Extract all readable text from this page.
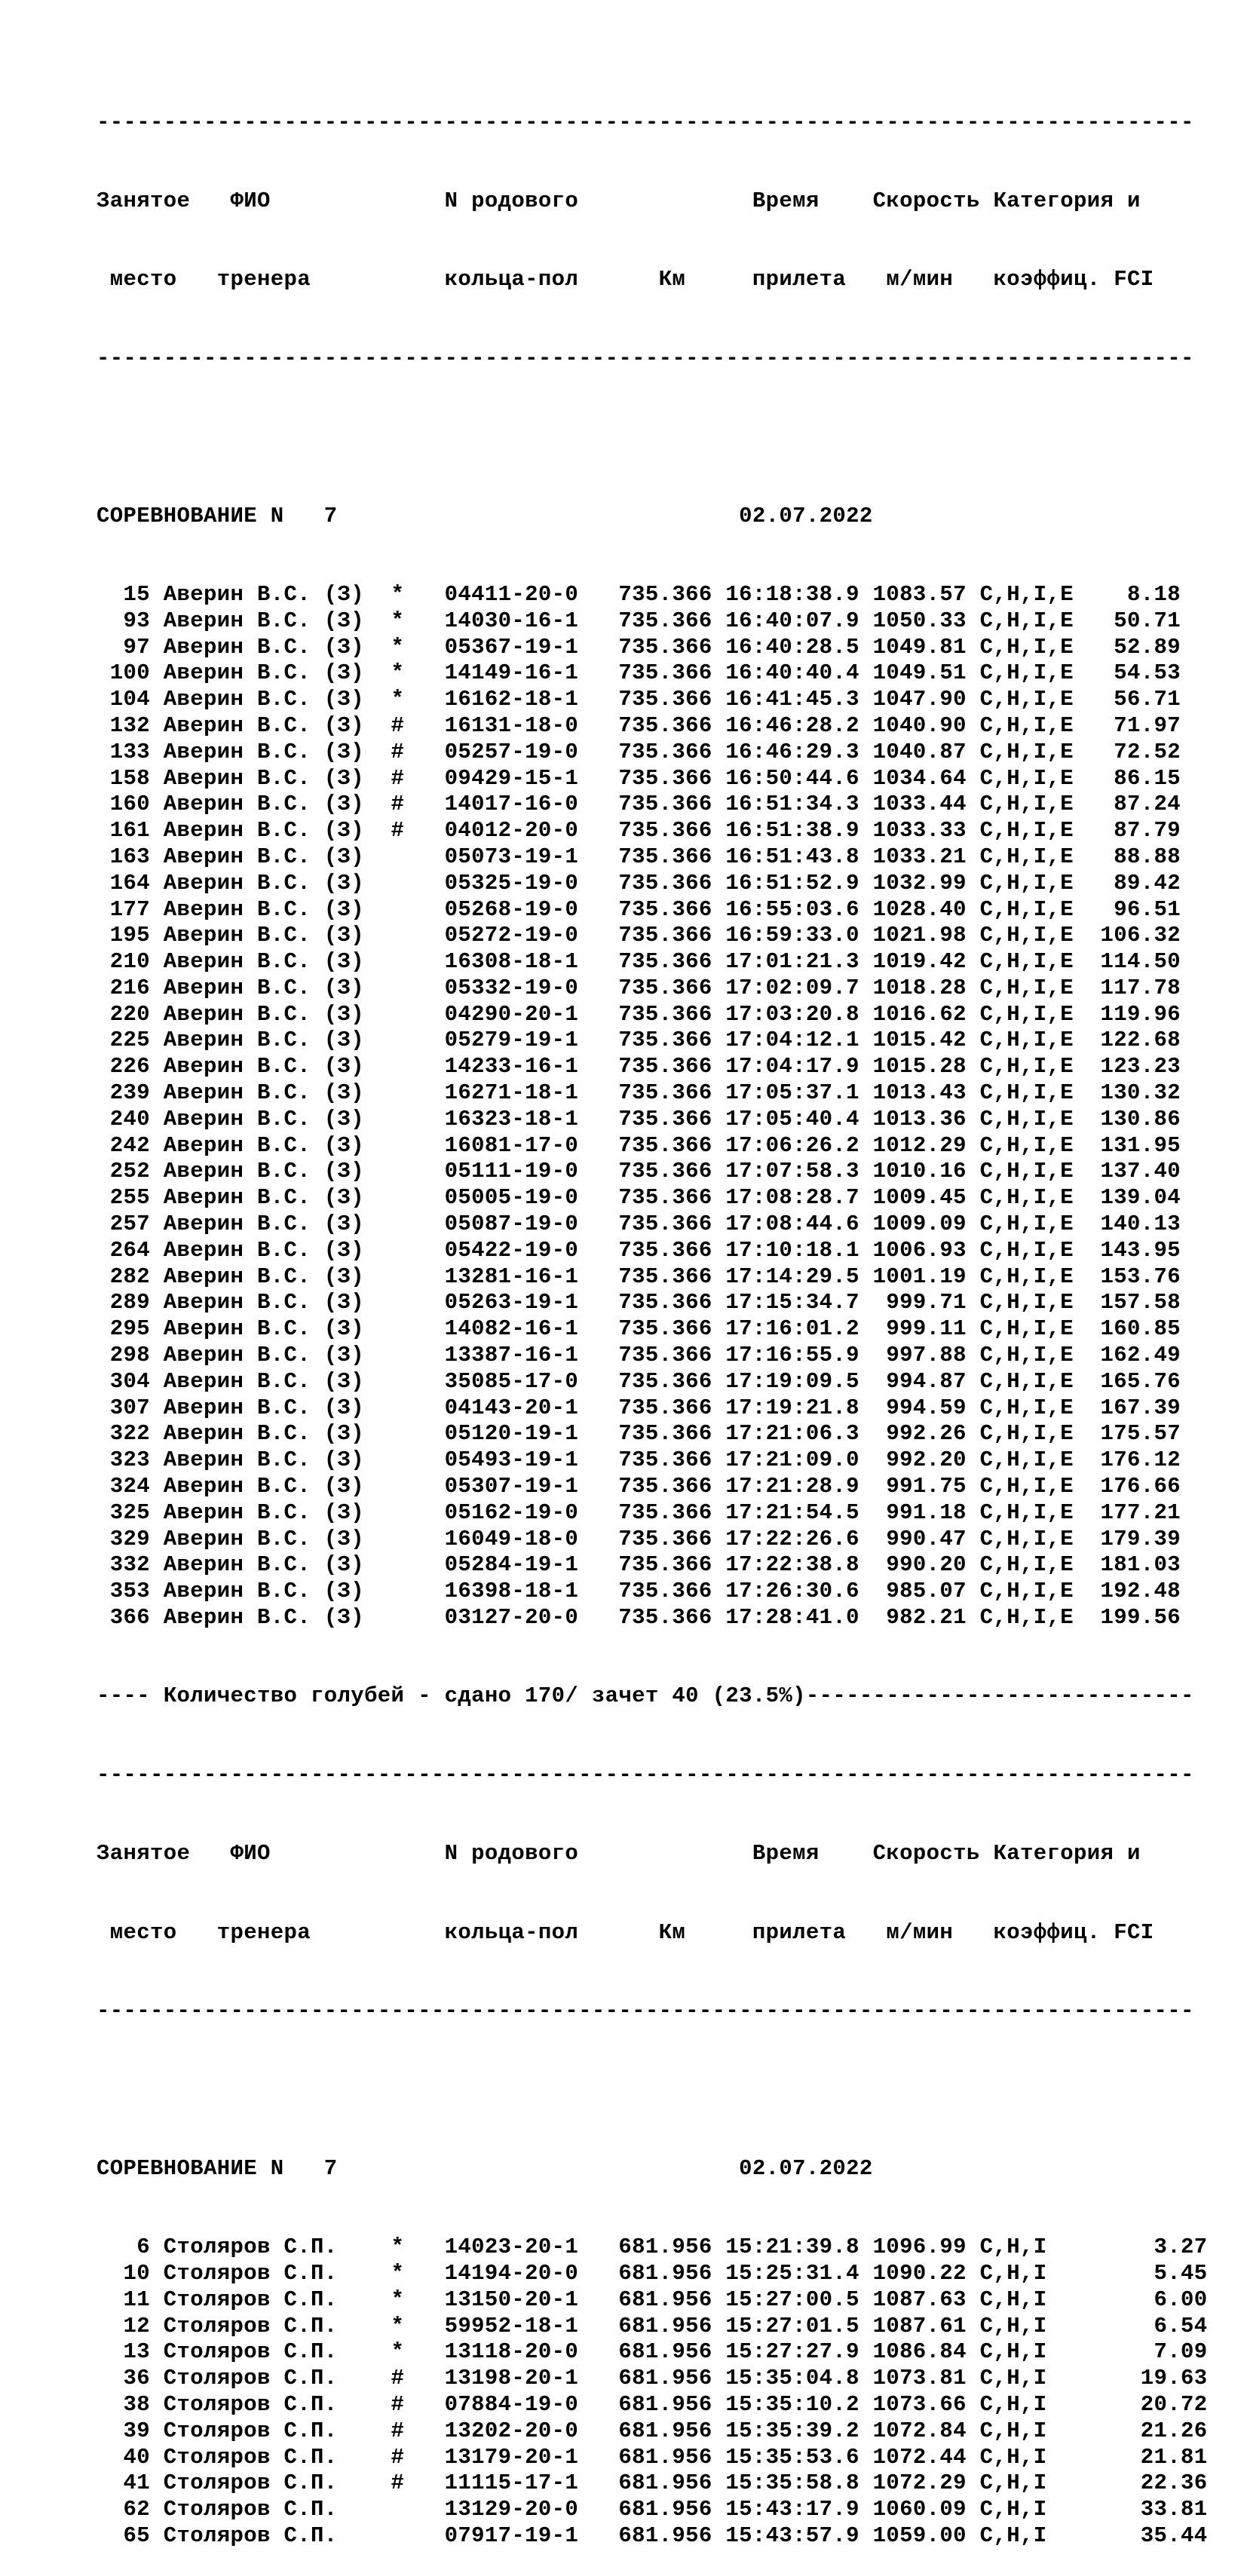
----------------------------------------------------------------------------------

Занятое   ФИО             N родового             Время    Скорость Категория и

место   тренера          кольца-пол      Км     прилета   м/мин   коэффиц. FCI

----------------------------------------------------------------------------------

СОРЕВНОВАНИЕ N   7                              02.07.2022

15 Аверин В.С. (З)  *   04411-20-0   735.366 16:18:38.9 1083.57 C,H,I,E    8.18
93 Аверин В.С. (З)  *   14030-16-1   735.366 16:40:07.9 1050.33 C,H,I,E   50.71
97 Аверин В.С. (З)  *   05367-19-1   735.366 16:40:28.5 1049.81 C,H,I,E   52.89
100 Аверин В.С. (З)  *   14149-16-1   735.366 16:40:40.4 1049.51 C,H,I,E   54.53
104 Аверин В.С. (З)  *   16162-18-1   735.366 16:41:45.3 1047.90 C,H,I,E   56.71
132 Аверин В.С. (З)  #   16131-18-0   735.366 16:46:28.2 1040.90 C,H,I,E   71.97
133 Аверин В.С. (З)  #   05257-19-0   735.366 16:46:29.3 1040.87 C,H,I,E   72.52
158 Аверин В.С. (З)  #   09429-15-1   735.366 16:50:44.6 1034.64 C,H,I,E   86.15
160 Аверин В.С. (З)  #   14017-16-0   735.366 16:51:34.3 1033.44 C,H,I,E   87.24
161 Аверин В.С. (З)  #   04012-20-0   735.366 16:51:38.9 1033.33 C,H,I,E   87.79
163 Аверин В.С. (З)      05073-19-1   735.366 16:51:43.8 1033.21 C,H,I,E   88.88
164 Аверин В.С. (З)      05325-19-0   735.366 16:51:52.9 1032.99 C,H,I,E   89.42
177 Аверин В.С. (З)      05268-19-0   735.366 16:55:03.6 1028.40 C,H,I,E   96.51
195 Аверин В.С. (З)      05272-19-0   735.366 16:59:33.0 1021.98 C,H,I,E  106.32
210 Аверин В.С. (З)      16308-18-1   735.366 17:01:21.3 1019.42 C,H,I,E  114.50
216 Аверин В.С. (З)      05332-19-0   735.366 17:02:09.7 1018.28 C,H,I,E  117.78
220 Аверин В.С. (З)      04290-20-1   735.366 17:03:20.8 1016.62 C,H,I,E  119.96
225 Аверин В.С. (З)      05279-19-1   735.366 17:04:12.1 1015.42 C,H,I,E  122.68
226 Аверин В.С. (З)      14233-16-1   735.366 17:04:17.9 1015.28 C,H,I,E  123.23
239 Аверин В.С. (З)      16271-18-1   735.366 17:05:37.1 1013.43 C,H,I,E  130.32
240 Аверин В.С. (З)      16323-18-1   735.366 17:05:40.4 1013.36 C,H,I,E  130.86
242 Аверин В.С. (З)      16081-17-0   735.366 17:06:26.2 1012.29 C,H,I,E  131.95
252 Аверин В.С. (З)      05111-19-0   735.366 17:07:58.3 1010.16 C,H,I,E  137.40
255 Аверин В.С. (З)      05005-19-0   735.366 17:08:28.7 1009.45 C,H,I,E  139.04
257 Аверин В.С. (З)      05087-19-0   735.366 17:08:44.6 1009.09 C,H,I,E  140.13
264 Аверин В.С. (З)      05422-19-0   735.366 17:10:18.1 1006.93 C,H,I,E  143.95
282 Аверин В.С. (З)      13281-16-1   735.366 17:14:29.5 1001.19 C,H,I,E  153.76
289 Аверин В.С. (З)      05263-19-1   735.366 17:15:34.7  999.71 C,H,I,E  157.58
295 Аверин В.С. (З)      14082-16-1   735.366 17:16:01.2  999.11 C,H,I,E  160.85
298 Аверин В.С. (З)      13387-16-1   735.366 17:16:55.9  997.88 C,H,I,E  162.49
304 Аверин В.С. (З)      35085-17-0   735.366 17:19:09.5  994.87 C,H,I,E  165.76
307 Аверин В.С. (З)      04143-20-1   735.366 17:19:21.8  994.59 C,H,I,E  167.39
322 Аверин В.С. (З)      05120-19-1   735.366 17:21:06.3  992.26 C,H,I,E  175.57
323 Аверин В.С. (З)      05493-19-1   735.366 17:21:09.0  992.20 C,H,I,E  176.12
324 Аверин В.С. (З)      05307-19-1   735.366 17:21:28.9  991.75 C,H,I,E  176.66
325 Аверин В.С. (З)      05162-19-0   735.366 17:21:54.5  991.18 C,H,I,E  177.21
329 Аверин В.С. (З)      16049-18-0   735.366 17:22:26.6  990.47 C,H,I,E  179.39
332 Аверин В.С. (З)      05284-19-1   735.366 17:22:38.8  990.20 C,H,I,E  181.03
353 Аверин В.С. (З)      16398-18-1   735.366 17:26:30.6  985.07 C,H,I,E  192.48
366 Аверин В.С. (З)      03127-20-0   735.366 17:28:41.0  982.21 C,H,I,E  199.56

---- Количество голубей - сдано 170/ зачет 40 (23.5%)-----------------------------

----------------------------------------------------------------------------------

Занятое   ФИО             N родового             Время    Скорость Категория и

место   тренера          кольца-пол      Км     прилета   м/мин   коэффиц. FCI

----------------------------------------------------------------------------------

СОРЕВНОВАНИЕ N   7                              02.07.2022

6 Столяров С.П.    *   14023-20-1   681.956 15:21:39.8 1096.99 C,H,I        3.27
10 Столяров С.П.    *   14194-20-0   681.956 15:25:31.4 1090.22 C,H,I        5.45
11 Столяров С.П.    *   13150-20-1   681.956 15:27:00.5 1087.63 C,H,I        6.00
12 Столяров С.П.    *   59952-18-1   681.956 15:27:01.5 1087.61 C,H,I        6.54
13 Столяров С.П.    *   13118-20-0   681.956 15:27:27.9 1086.84 C,H,I        7.09
36 Столяров С.П.    #   13198-20-1   681.956 15:35:04.8 1073.81 C,H,I       19.63
38 Столяров С.П.    #   07884-19-0   681.956 15:35:10.2 1073.66 C,H,I       20.72
39 Столяров С.П.    #   13202-20-0   681.956 15:35:39.2 1072.84 C,H,I       21.26
40 Столяров С.П.    #   13179-20-1   681.956 15:35:53.6 1072.44 C,H,I       21.81
41 Столяров С.П.    #   11115-17-1   681.956 15:35:58.8 1072.29 C,H,I       22.36
62 Столяров С.П.        13129-20-0   681.956 15:43:17.9 1060.09 C,H,I       33.81
65 Столяров С.П.        07917-19-1   681.956 15:43:57.9 1059.00 C,H,I       35.44
